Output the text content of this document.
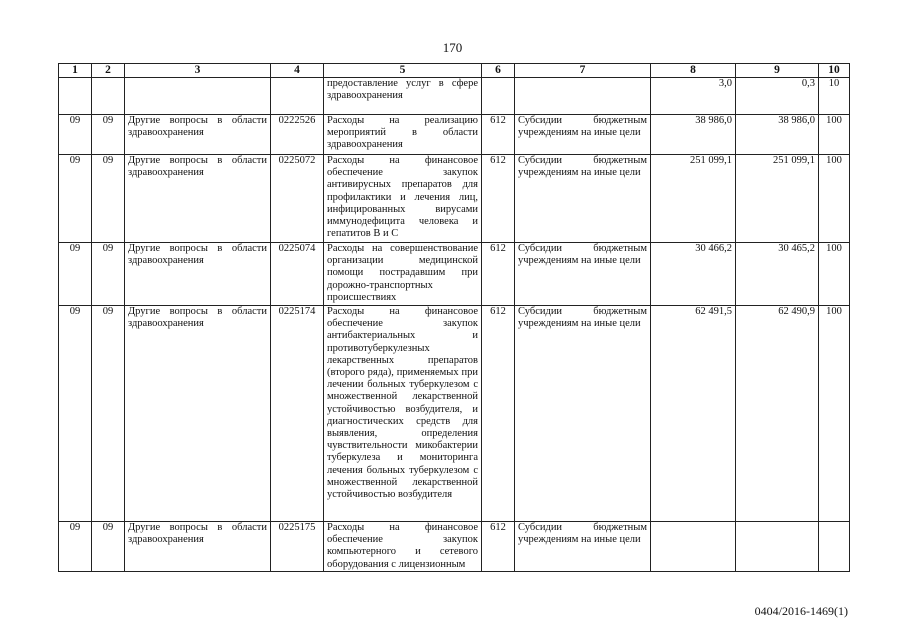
170
1	2	3	4	5	6	7	8	9	10
				предоставление услуг в сфере здравоохранения			3,0	0,3	10
09	09	Другие вопросы в области здравоохранения	0222526	Расходы на реализацию мероприятий в области здравоохранения	612	Субсидии бюджетным учреждениям на иные цели	38 986,0	38 986,0	100
09	09	Другие вопросы в области здравоохранения	0225072	Расходы на финансовое обеспечение закупок антивирусных препаратов для профилактики и лечения лиц, инфицированных вирусами иммунодефицита человека и гепатитов В и С	612	Субсидии бюджетным учреждениям на иные цели	251 099,1	251 099,1	100
09	09	Другие вопросы в области здравоохранения	0225074	Расходы на совершенствование организации медицинской помощи пострадавшим при дорожно-транспортных происшествиях	612	Субсидии бюджетным учреждениям на иные цели	30 466,2	30 465,2	100
09	09	Другие вопросы в области здравоохранения	0225174	Расходы на финансовое обеспечение закупок антибактериальных и противотуберкулезных лекарственных препаратов (второго ряда), применяемых при лечении больных туберкулезом с множественной лекарственной устойчивостью возбудителя, и диагностических средств для выявления, определения чувствительности микобактерии туберкулеза и мониторинга лечения больных туберкулезом с множественной лекарственной устойчивостью возбудителя	612	Субсидии бюджетным учреждениям на иные цели	62 491,5	62 490,9	100
09	09	Другие вопросы в области здравоохранения	0225175	Расходы на финансовое обеспечение закупок компьютерного и сетевого оборудования с лицензионным	612	Субсидии бюджетным учреждениям на иные цели			
0404/2016-1469(1)
